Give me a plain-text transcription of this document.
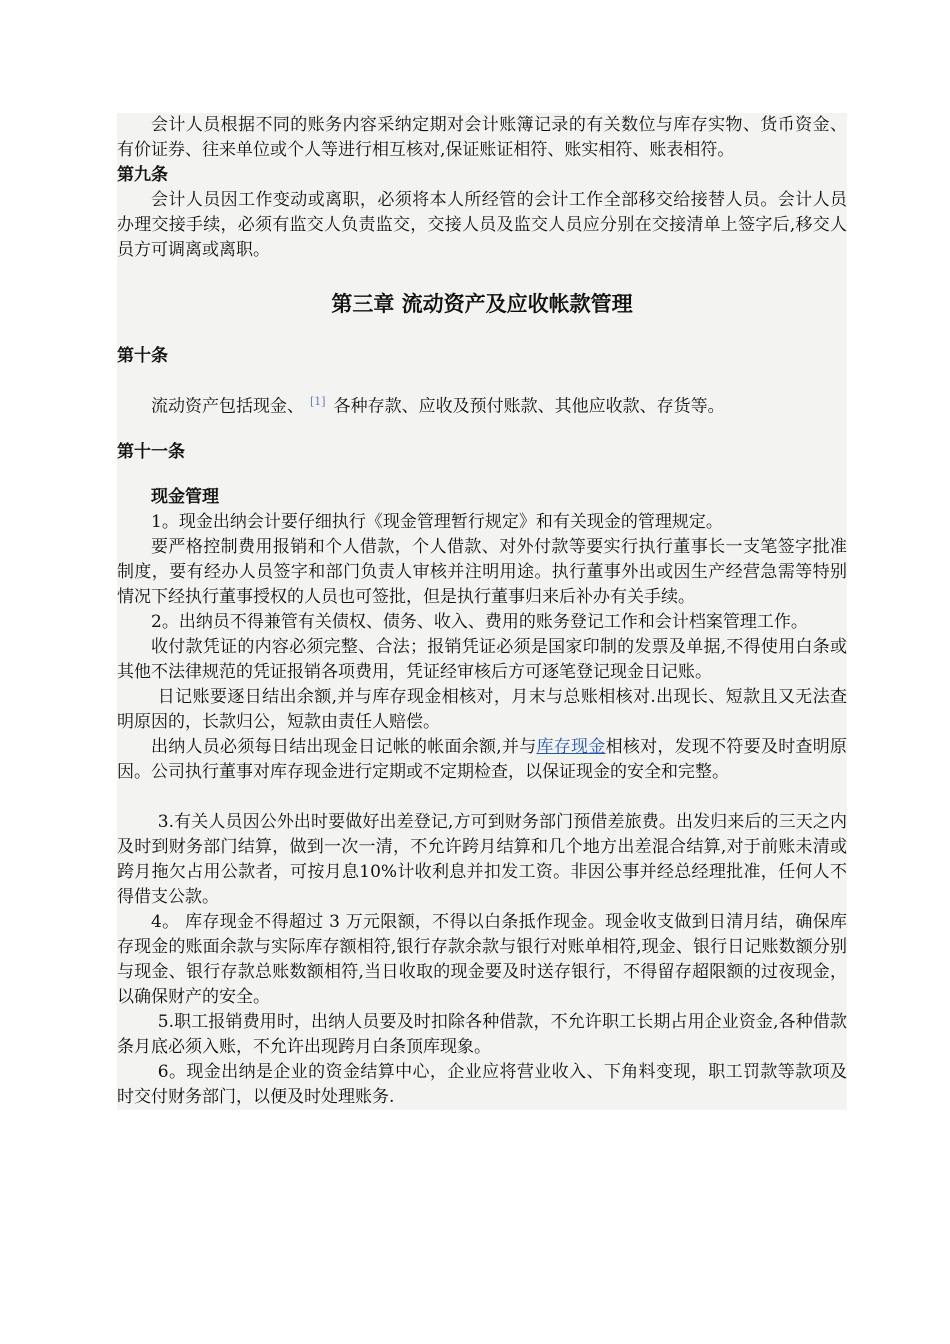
会计人员根据不同的账务内容采纳定期对会计账簿记录的有关数位与库存实物、货币资金、有价证券、往来单位或个人等进行相互核对,保证账证相符、账实相符、账表相符。

第九条

会计人员因工作变动或离职，必须将本人所经管的会计工作全部移交给接替人员。会计人员办理交接手续，必须有监交人负责监交，交接人员及监交人员应分别在交接清单上签字后,移交人员方可调离或离职。

第三章 流动资产及应收帐款管理

第十条

流动资产包括现金、 [1] 各种存款、应收及预付账款、其他应收款、存货等。

第十一条

现金管理

1。现金出纳会计要仔细执行《现金管理暂行规定》和有关现金的管理规定。

要严格控制费用报销和个人借款，个人借款、对外付款等要实行执行董事长一支笔签字批准制度，要有经办人员签字和部门负责人审核并注明用途。执行董事外出或因生产经营急需等特别情况下经执行董事授权的人员也可签批，但是执行董事归来后补办有关手续。

2。出纳员不得兼管有关债权、债务、收入、费用的账务登记工作和会计档案管理工作。

收付款凭证的内容必须完整、合法；报销凭证必须是国家印制的发票及单据,不得使用白条或其他不法律规范的凭证报销各项费用，凭证经审核后方可逐笔登记现金日记账。

日记账要逐日结出余额,并与库存现金相核对，月末与总账相核对.出现长、短款且又无法查明原因的，长款归公，短款由责任人赔偿。

出纳人员必须每日结出现金日记帐的帐面余额,并与库存现金相核对，发现不符要及时查明原因。公司执行董事对库存现金进行定期或不定期检查，以保证现金的安全和完整。

3.有关人员因公外出时要做好出差登记,方可到财务部门预借差旅费。出发归来后的三天之内及时到财务部门结算，做到一次一清，不允许跨月结算和几个地方出差混合结算,对于前账未清或跨月拖欠占用公款者，可按月息10%计收利息并扣发工资。非因公事并经总经理批准，任何人不得借支公款。

4。 库存现金不得超过 3 万元限额，不得以白条抵作现金。现金收支做到日清月结，确保库存现金的账面余款与实际库存额相符,银行存款余款与银行对账单相符,现金、银行日记账数额分别与现金、银行存款总账数额相符,当日收取的现金要及时送存银行，不得留存超限额的过夜现金，以确保财产的安全。

5.职工报销费用时，出纳人员要及时扣除各种借款，不允许职工长期占用企业资金,各种借款条月底必须入账，不允许出现跨月白条顶库现象。

6。现金出纳是企业的资金结算中心，企业应将营业收入、下角料变现，职工罚款等款项及时交付财务部门，以便及时处理账务.
